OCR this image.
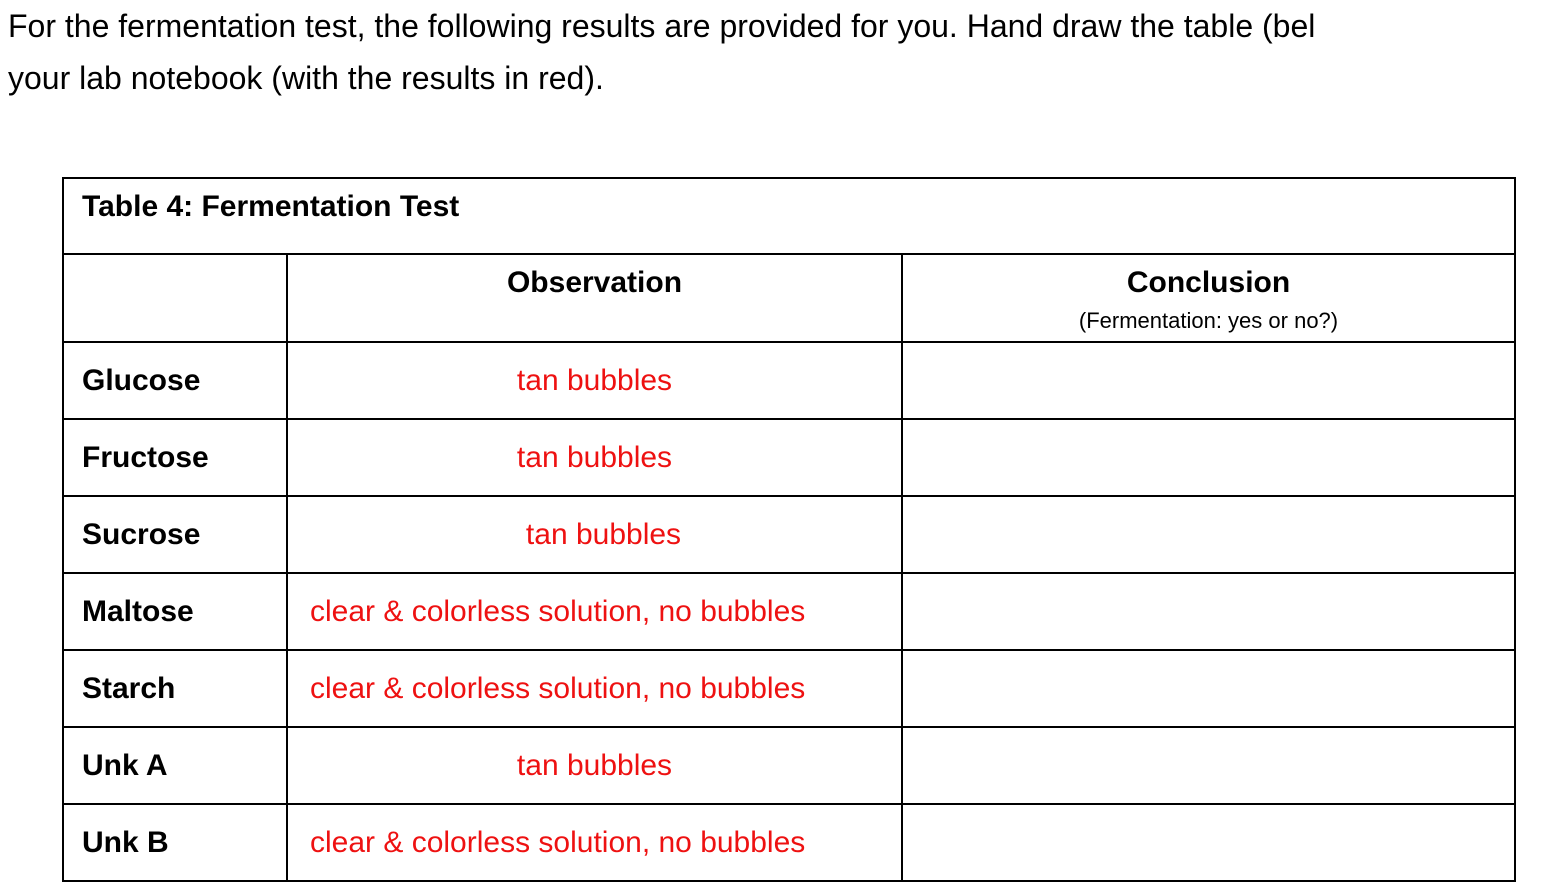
For the fermentation test, the following results are provided for you. Hand draw the table (bel
your lab notebook (with the results in red).
Table 4: Fermentation Test		

	Observation	Conclusion
(Fermentation: yes or no?)

Glucose	tan bubbles	
Fructose	tan bubbles	
Sucrose	tan bubbles	
Maltose	clear & colorless solution, no bubbles	
Starch	clear & colorless solution, no bubbles	
Unk A	tan bubbles	
Unk B	clear & colorless solution, no bubbles	
